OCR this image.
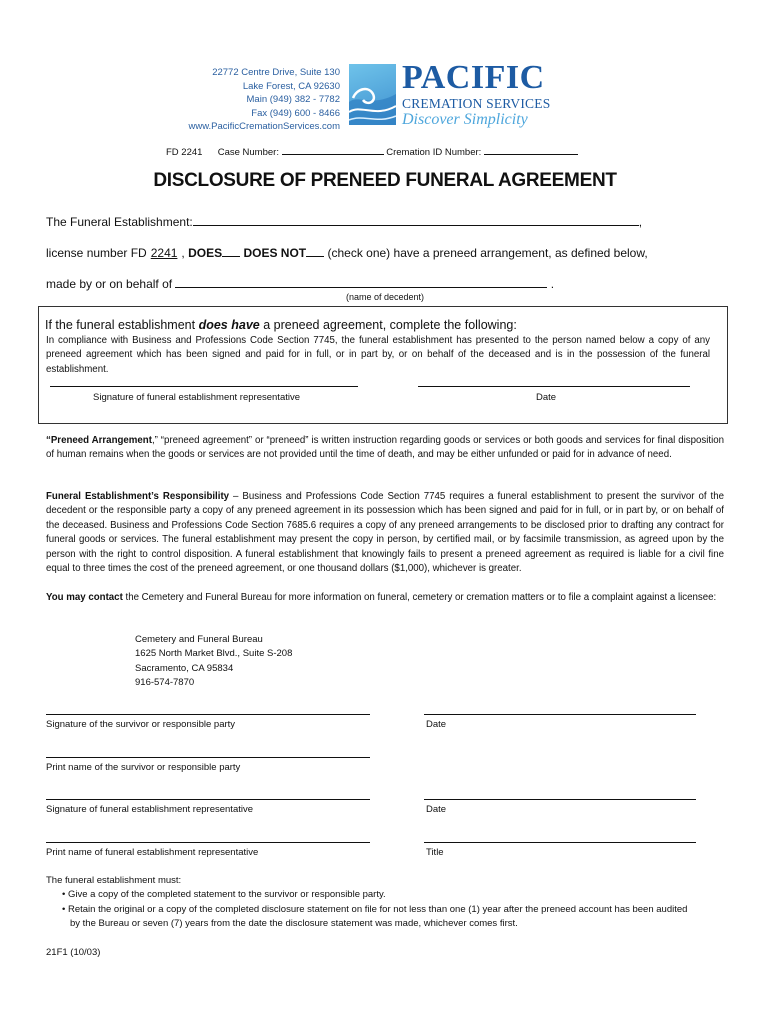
22772 Centre Drive, Suite 130
Lake Forest, CA 92630
Main (949) 382 - 7782
Fax (949) 600 - 8466
www.PacificCremationServices.com
PACIFIC
CREMATION SERVICES
Discover Simplicity
FD 2241 Case Number:	Cremation ID Number:
DISCLOSURE OF PRENEED FUNERAL AGREEMENT
The Funeral Establishment:	,
license number FD 2241 , DOES DOES NOT (check one) have a preneed arrangement, as defined below,
made by or on behalf of	.
(name of decedent)
If the funeral establishment does have a preneed agreement, complete the following:
In compliance with Business and Professions Code Section 7745, the funeral establishment has presented to the person named below a copy of any preneed agreement which has been signed and paid for in full, or in part by, or on behalf of the deceased and is in the possession of the funeral establishment.
Signature of funeral establishment representative	Date
“Preneed Arrangement,” “preneed agreement” or “preneed” is written instruction regarding goods or services or both goods and services for final disposition of human remains when the goods or services are not provided until the time of death, and may be either unfunded or paid for in advance of need.
Funeral Establishment’s Responsibility – Business and Professions Code Section 7745 requires a funeral establishment to present the survivor of the decedent or the responsible party a copy of any preneed agreement in its possession which has been signed and paid for in full, or in part by, or on behalf of the deceased. Business and Professions Code Section 7685.6 requires a copy of any preneed arrangements to be disclosed prior to drafting any contract for funeral goods or services. The funeral establishment may present the copy in person, by certified mail, or by facsimile transmission, as agreed upon by the person with the right to control disposition. A funeral establishment that knowingly fails to present a preneed agreement as required is liable for a civil fine equal to three times the cost of the preneed agreement, or one thousand dollars ($1,000), whichever is greater.
You may contact the Cemetery and Funeral Bureau for more information on funeral, cemetery or cremation matters or to file a complaint against a licensee:
Cemetery and Funeral Bureau
1625 North Market Blvd., Suite S-208
Sacramento, CA 95834
916-574-7870
Signature of the survivor or responsible party	Date
Print name of the survivor or responsible party
Signature of funeral establishment representative	Date
Print name of funeral establishment representative	Title
The funeral establishment must:
• Give a copy of the completed statement to the survivor or responsible party.
• Retain the original or a copy of the completed disclosure statement on file for not less than one (1) year after the preneed account has been audited
by the Bureau or seven (7) years from the date the disclosure statement was made, whichever comes first.
21F1 (10/03)
